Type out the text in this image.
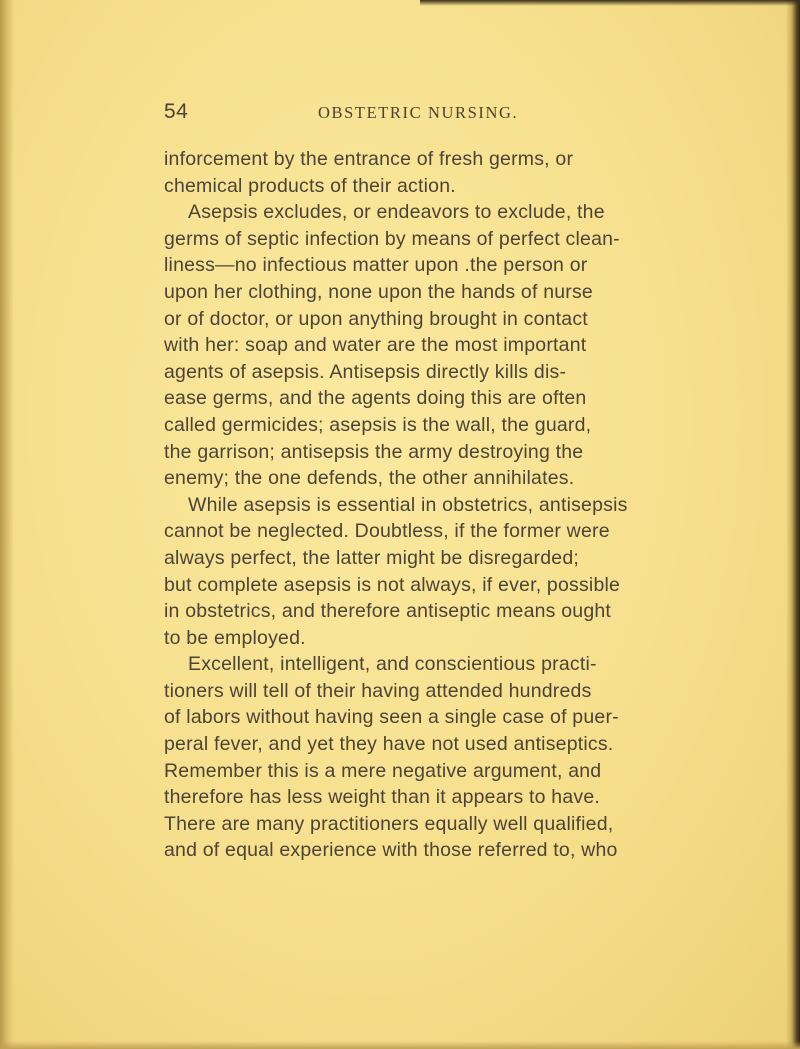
54	OBSTETRIC NURSING.
inforcement by the entrance of fresh germs, or
chemical products of their action.
Asepsis excludes, or endeavors to exclude, the
germs of septic infection by means of perfect clean-
liness—no infectious matter upon .the person or
upon her clothing, none upon the hands of nurse
or of doctor, or upon anything brought in contact
with her: soap and water are the most important
agents of asepsis. Antisepsis directly kills dis-
ease germs, and the agents doing this are often
called germicides; asepsis is the wall, the guard,
the garrison; antisepsis the army destroying the
enemy; the one defends, the other annihilates.
While asepsis is essential in obstetrics, antisepsis
cannot be neglected. Doubtless, if the former were
always perfect, the latter might be disregarded;
but complete asepsis is not always, if ever, possible
in obstetrics, and therefore antiseptic means ought
to be employed.
Excellent, intelligent, and conscientious practi-
tioners will tell of their having attended hundreds
of labors without having seen a single case of puer-
peral fever, and yet they have not used antiseptics.
Remember this is a mere negative argument, and
therefore has less weight than it appears to have.
There are many practitioners equally well qualified,
and of equal experience with those referred to, who
